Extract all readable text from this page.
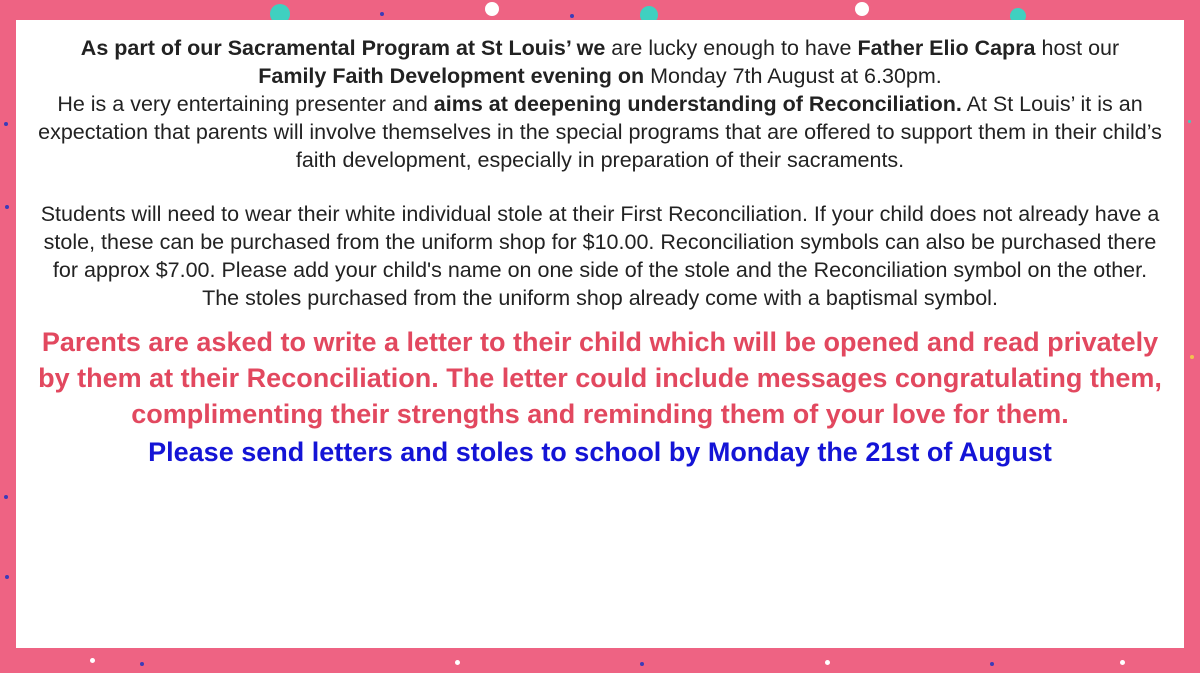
As part of our Sacramental Program at St Louis’ we are lucky enough to have Father Elio Capra host our
Family Faith Development evening on Monday 7th August at 6.30pm.
He is a very entertaining presenter and aims at deepening understanding of Reconciliation. At St Louis’ it is an expectation that parents will involve themselves in the special programs that are offered to support them in their child’s faith development, especially in preparation of their sacraments.

Students will need to wear their white individual stole at their First Reconciliation. If your child does not already have a stole, these can be purchased from the uniform shop for $10.00. Reconciliation symbols can also be purchased there for approx $7.00. Please add your child's name on one side of the stole and the Reconciliation symbol on the other. The stoles purchased from the uniform shop already come with a baptismal symbol.

Parents are asked to write a letter to their child which will be opened and read privately by them at their Reconciliation. The letter could include messages congratulating them, complimenting their strengths and reminding them of your love for them.

Please send letters and stoles to school by Monday the 21st of August
